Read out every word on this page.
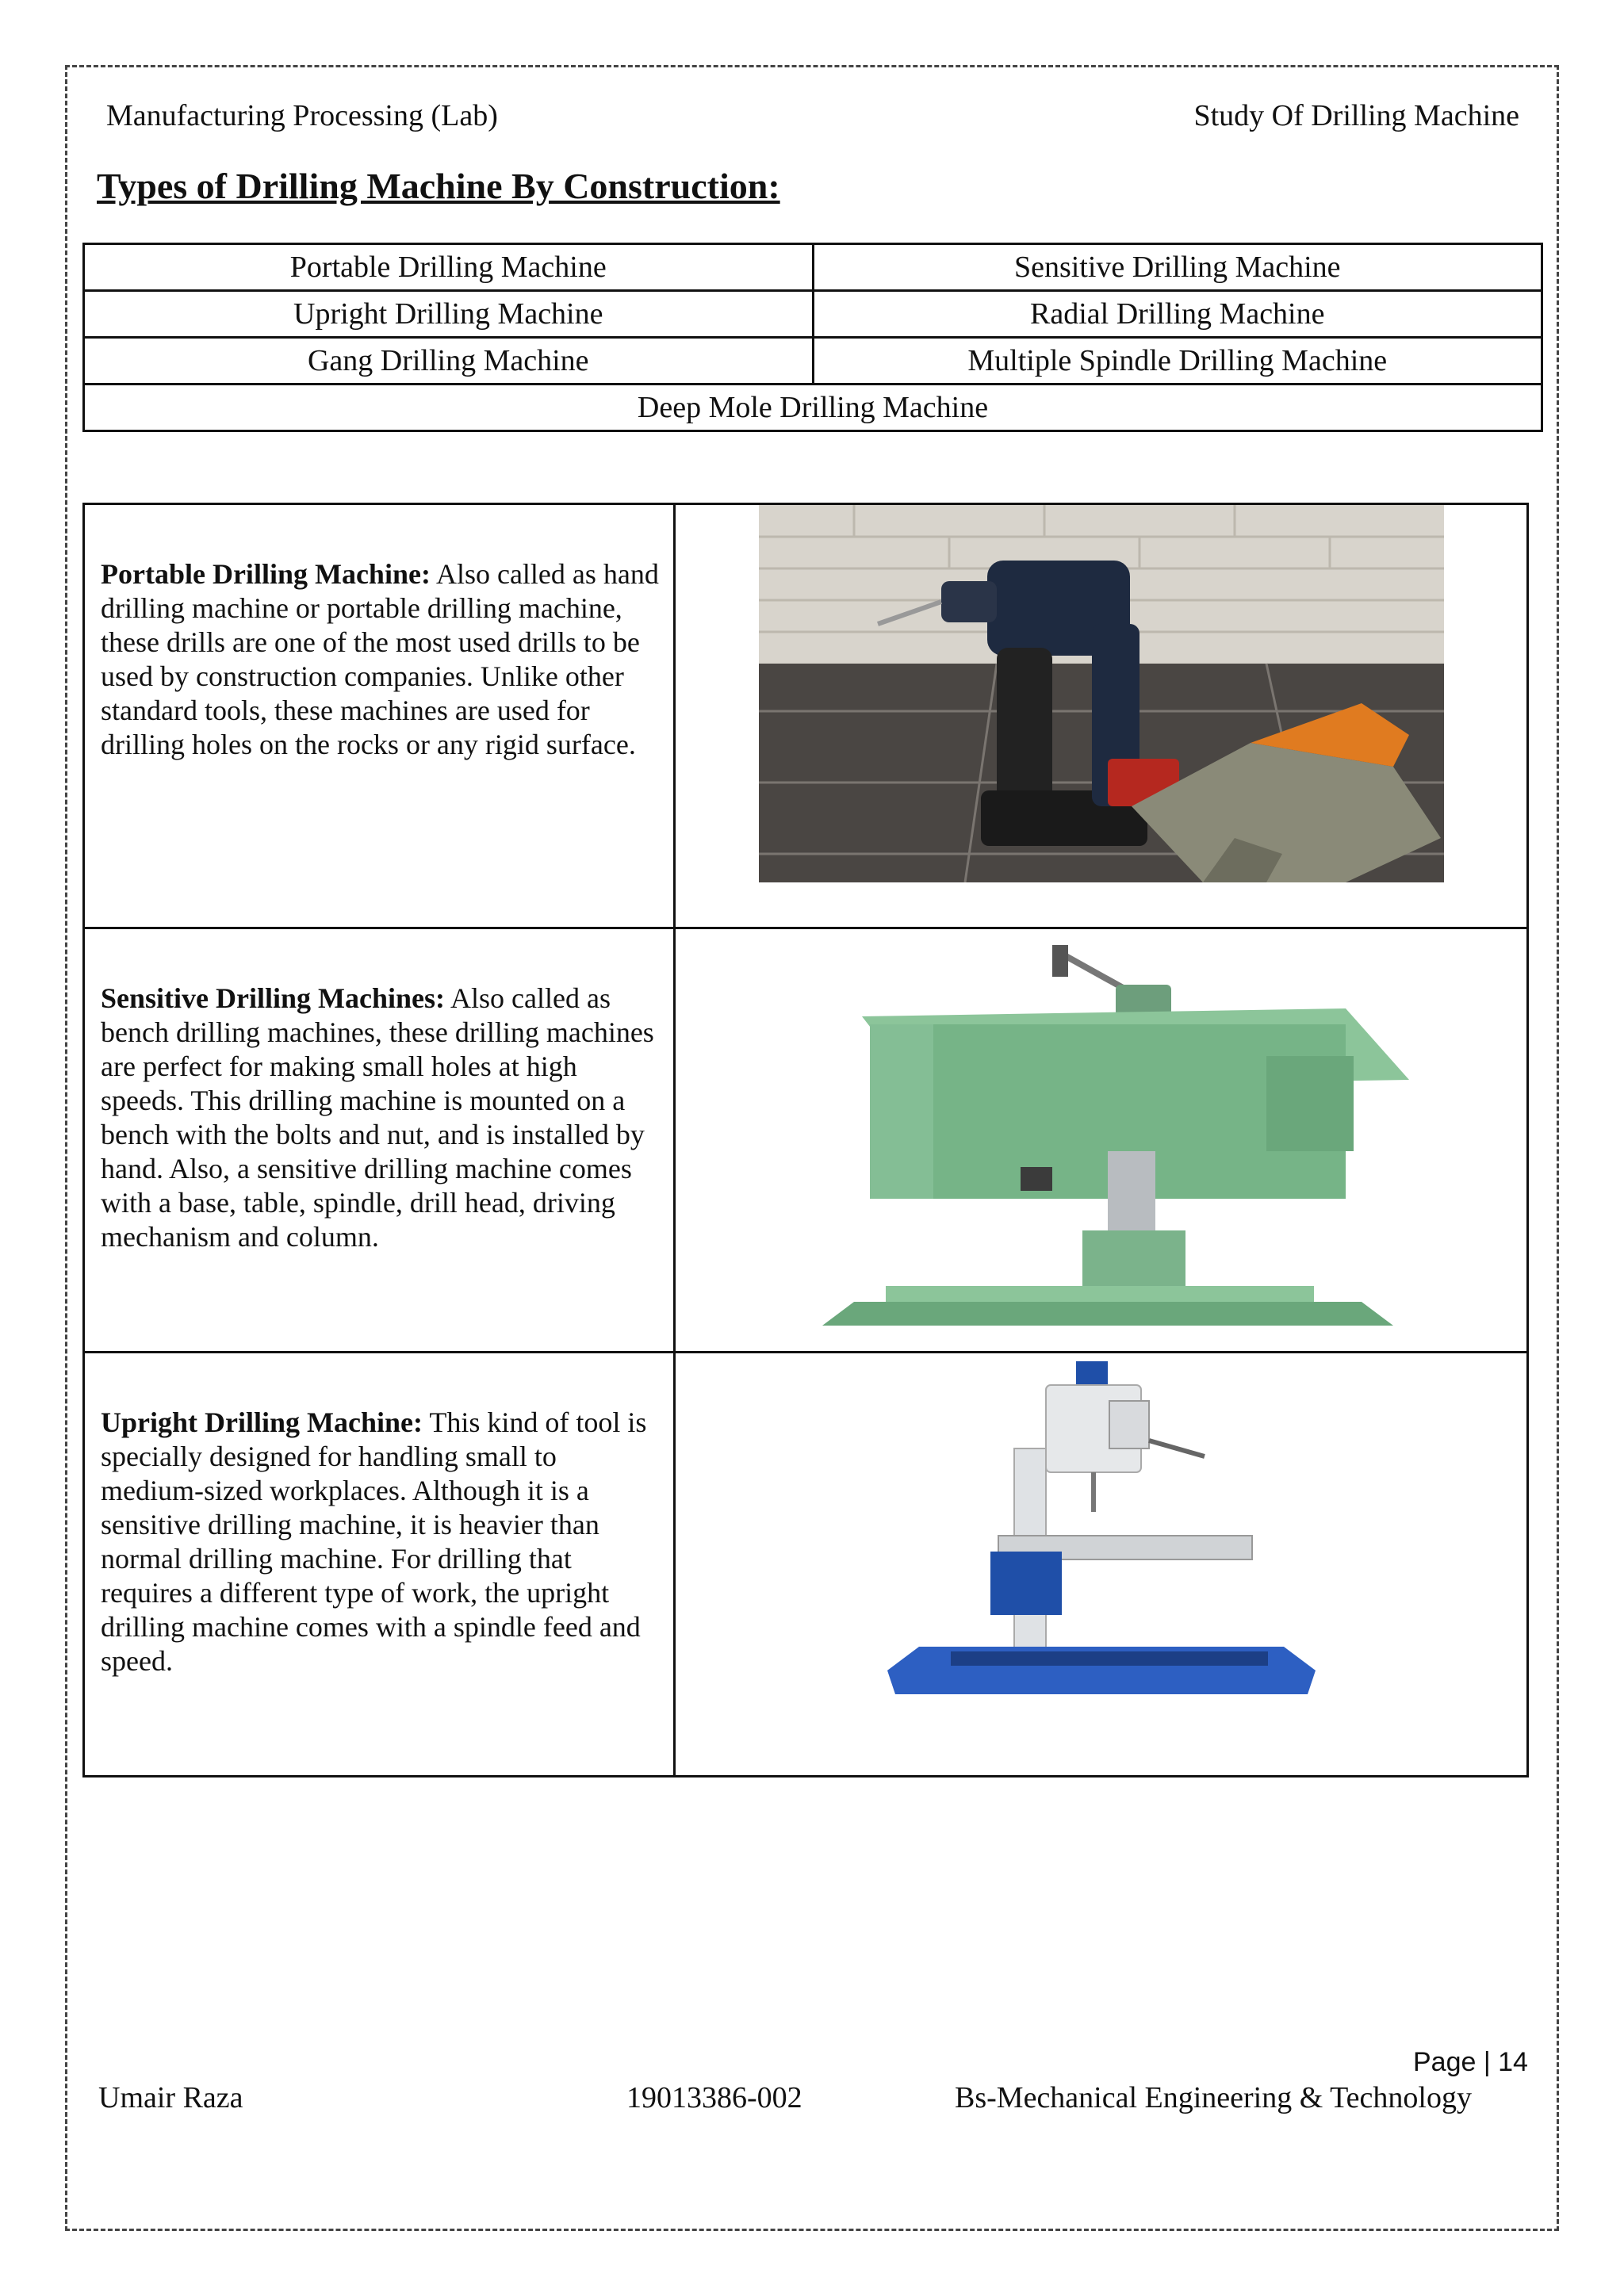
Manufacturing Processing (Lab)	Study Of Drilling Machine
Types of Drilling Machine By Construction:
Portable Drilling Machine	Sensitive Drilling Machine
Upright Drilling Machine	Radial Drilling Machine
Gang Drilling Machine	Multiple Spindle Drilling Machine
Deep Mole Drilling Machine	
Portable Drilling Machine: Also called as hand drilling machine or portable drilling machine, these drills are one of the most used drills to be used by construction companies. Unlike other standard tools, these machines are used for drilling holes on the rocks or any rigid surface.

Sensitive Drilling Machines: Also called as bench drilling machines, these drilling machines are perfect for making small holes at high speeds. This drilling machine is mounted on a bench with the bolts and nut, and is installed by hand. Also, a sensitive drilling machine comes with a base, table, spindle, drill head, driving mechanism and column.

Upright Drilling Machine: This kind of tool is specially designed for handling small to medium-sized workplaces. Although it is a sensitive drilling machine, it is heavier than normal drilling machine. For drilling that requires a different type of work, the upright drilling machine comes with a spindle feed and speed.

Page | 14
Umair Raza	19013386-002	Bs-Mechanical Engineering & Technology
